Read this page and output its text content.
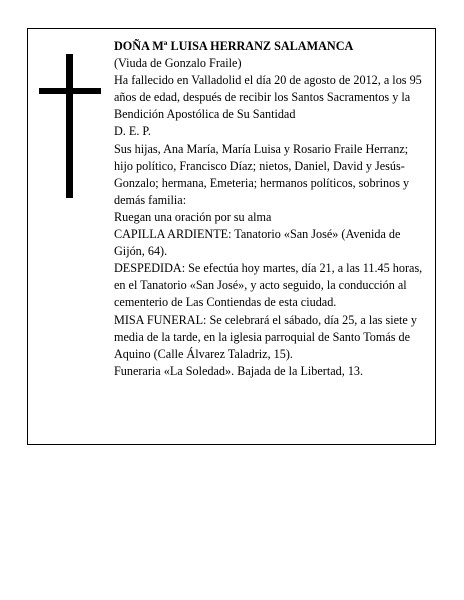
DOÑA Mª LUISA HERRANZ SALAMANCA

(Viuda de Gonzalo Fraile)

Ha fallecido en Valladolid el día 20 de agosto de 2012, a los 95 años de edad, después de recibir los Santos Sacramentos y la Bendición Apostólica de Su Santidad

D. E. P.

Sus hijas, Ana María, María Luisa y Rosario Fraile Herranz; hijo político, Francisco Díaz; nietos, Daniel, David y Jesús-Gonzalo; hermana, Emeteria; hermanos políticos, sobrinos y demás familia:

Ruegan una oración por su alma

CAPILLA ARDIENTE: Tanatorio «San José» (Avenida de Gijón, 64).

DESPEDIDA: Se efectúa hoy martes, día 21, a las 11.45 horas, en el Tanatorio «San José», y acto seguido, la conducción al cementerio de Las Contiendas de esta ciudad.

MISA FUNERAL: Se celebrará el sábado, día 25, a las siete y media de la tarde, en la iglesia parroquial de Santo Tomás de Aquino (Calle Álvarez Taladriz, 15).

Funeraria «La Soledad». Bajada de la Libertad, 13.
